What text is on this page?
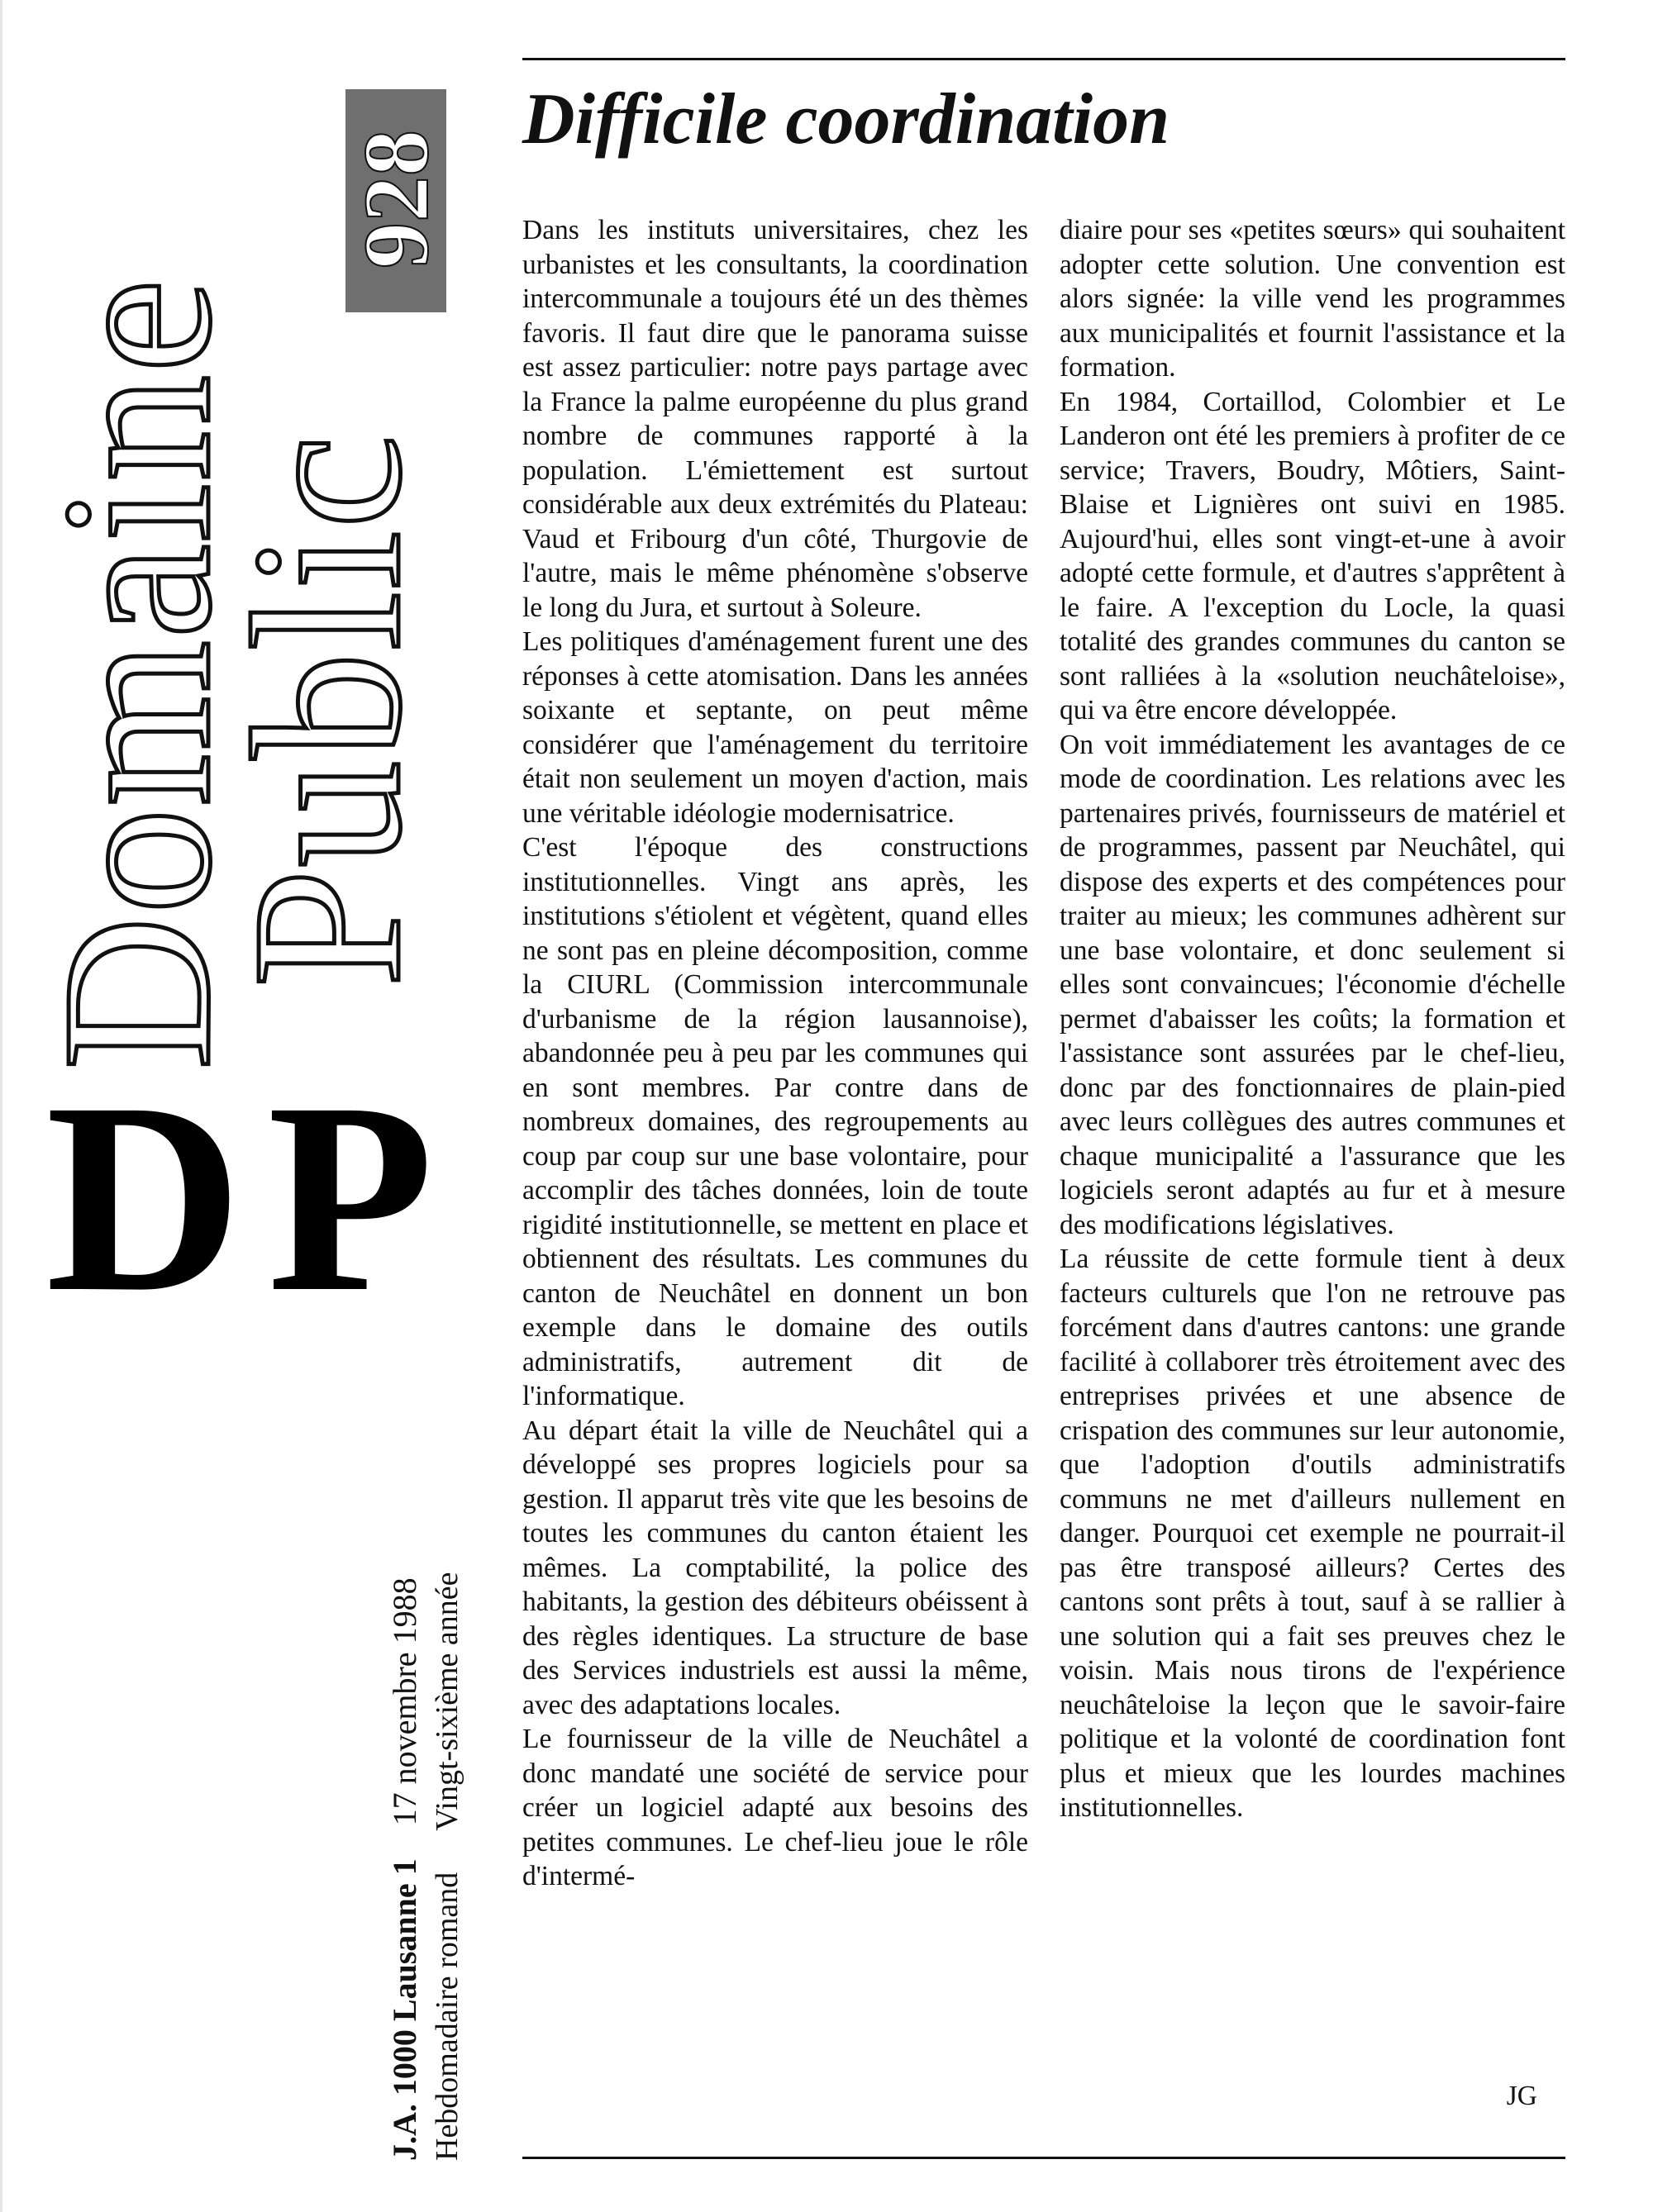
Domaine
Public
928
DP
J.A. 1000 Lausanne 117 novembre 1988
Hebdomadaire romandVingt-sixième année
Difficile coordination

Dans les instituts universitaires, chez les urbanistes et les consultants, la coordination intercommunale a toujours été un des thèmes favoris. Il faut dire que le panorama suisse est assez particulier: notre pays partage avec la France la palme européenne du plus grand nombre de communes rapporté à la population. L'émiettement est surtout considérable aux deux extrémités du Plateau: Vaud et Fribourg d'un côté, Thurgovie de l'autre, mais le même phénomène s'observe le long du Jura, et surtout à Soleure.

Les politiques d'aménagement furent une des réponses à cette atomisation. Dans les années soixante et septante, on peut même considérer que l'aménagement du territoire était non seulement un moyen d'action, mais une véritable idéologie modernisatrice.

C'est l'époque des constructions institutionnelles. Vingt ans après, les institutions s'étiolent et végètent, quand elles ne sont pas en pleine décomposition, comme la CIURL (Commission intercommunale d'urbanisme de la région lausannoise), abandonnée peu à peu par les communes qui en sont membres. Par contre dans de nombreux domaines, des regroupements au coup par coup sur une base volontaire, pour accomplir des tâches données, loin de toute rigidité institutionnelle, se mettent en place et obtiennent des résultats. Les communes du canton de Neuchâtel en donnent un bon exemple dans le domaine des outils administratifs, autrement dit de l'informatique.

Au départ était la ville de Neuchâtel qui a développé ses propres logiciels pour sa gestion. Il apparut très vite que les besoins de toutes les communes du canton étaient les mêmes. La comptabilité, la police des habitants, la gestion des débiteurs obéissent à des règles identiques. La structure de base des Services industriels est aussi la même, avec des adaptations locales.

Le fournisseur de la ville de Neuchâtel a donc mandaté une société de service pour créer un logiciel adapté aux besoins des petites communes. Le chef-lieu joue le rôle d'intermé-

diaire pour ses «petites sœurs» qui souhaitent adopter cette solution. Une convention est alors signée: la ville vend les programmes aux municipalités et fournit l'assistance et la formation.

En 1984, Cortaillod, Colombier et Le Landeron ont été les premiers à profiter de ce service; Travers, Boudry, Môtiers, Saint-Blaise et Lignières ont suivi en 1985. Aujourd'hui, elles sont vingt-et-une à avoir adopté cette formule, et d'autres s'apprêtent à le faire. A l'exception du Locle, la quasi totalité des grandes communes du canton se sont ralliées à la «solution neuchâteloise», qui va être encore développée.

On voit immédiatement les avantages de ce mode de coordination. Les relations avec les partenaires privés, fournisseurs de matériel et de programmes, passent par Neuchâtel, qui dispose des experts et des compétences pour traiter au mieux; les communes adhèrent sur une base volontaire, et donc seulement si elles sont convaincues; l'économie d'échelle permet d'abaisser les coûts; la formation et l'assistance sont assurées par le chef-lieu, donc par des fonctionnaires de plain-pied avec leurs collègues des autres communes et chaque municipalité a l'assurance que les logiciels seront adaptés au fur et à mesure des modifications législatives.

La réussite de cette formule tient à deux facteurs culturels que l'on ne retrouve pas forcément dans d'autres cantons: une grande facilité à collaborer très étroitement avec des entreprises privées et une absence de crispation des communes sur leur autonomie, que l'adoption d'outils administratifs communs ne met d'ailleurs nullement en danger. Pourquoi cet exemple ne pourrait-il pas être transposé ailleurs? Certes des cantons sont prêts à tout, sauf à se rallier à une solution qui a fait ses preuves chez le voisin. Mais nous tirons de l'expérience neuchâteloise la leçon que le savoir-faire politique et la volonté de coordination font plus et mieux que les lourdes machines institutionnelles.

JG
